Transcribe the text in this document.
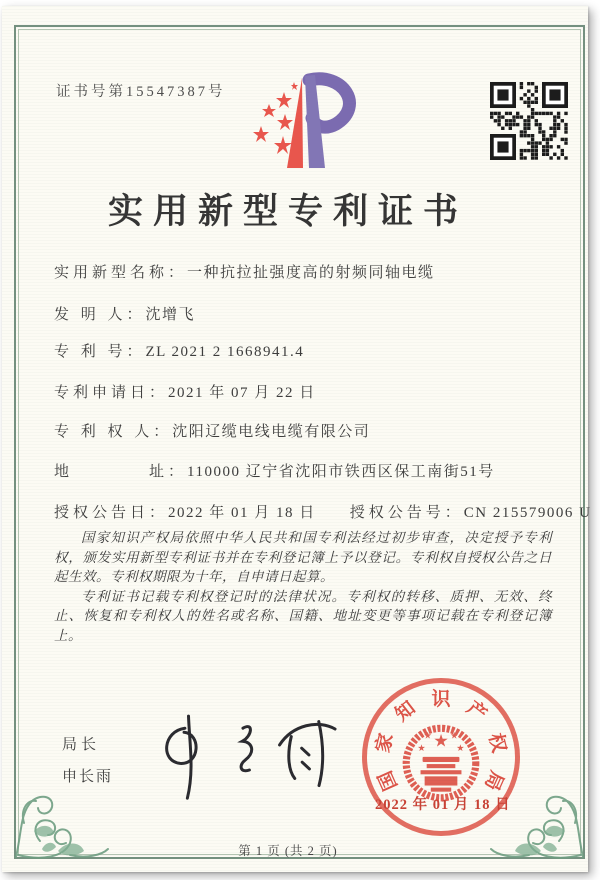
证书号第15547387号
实用新型专利证书
实用新型名称：一种抗拉扯强度高的射频同轴电缆
发 明 人：沈增飞
专 利 号：ZL 2021 2 1668941.4
专利申请日：2021 年 07 月 22 日
专 利 权 人：沈阳辽缆电线电缆有限公司
地　　　　址：110000 辽宁省沈阳市铁西区保工南街51号
授权公告日：2022 年 01 月 18 日 授权公告号：CN 215579006 U

国家知识产权局依照中华人民共和国专利法经过初步审查，决定授予专利权，颁发实用新型专利证书并在专利登记簿上予以登记。专利权自授权公告之日起生效。专利权期限为十年，自申请日起算。

专利证书记载专利权登记时的法律状况。专利权的转移、质押、无效、终止、恢复和专利权人的姓名或名称、国籍、地址变更等事项记载在专利登记簿上。

局长
申长雨	国
家
知 识 产
权
局
★
★ ★
★	★
2022 年 01 月 18 日
第 1 页 (共 2 页)
